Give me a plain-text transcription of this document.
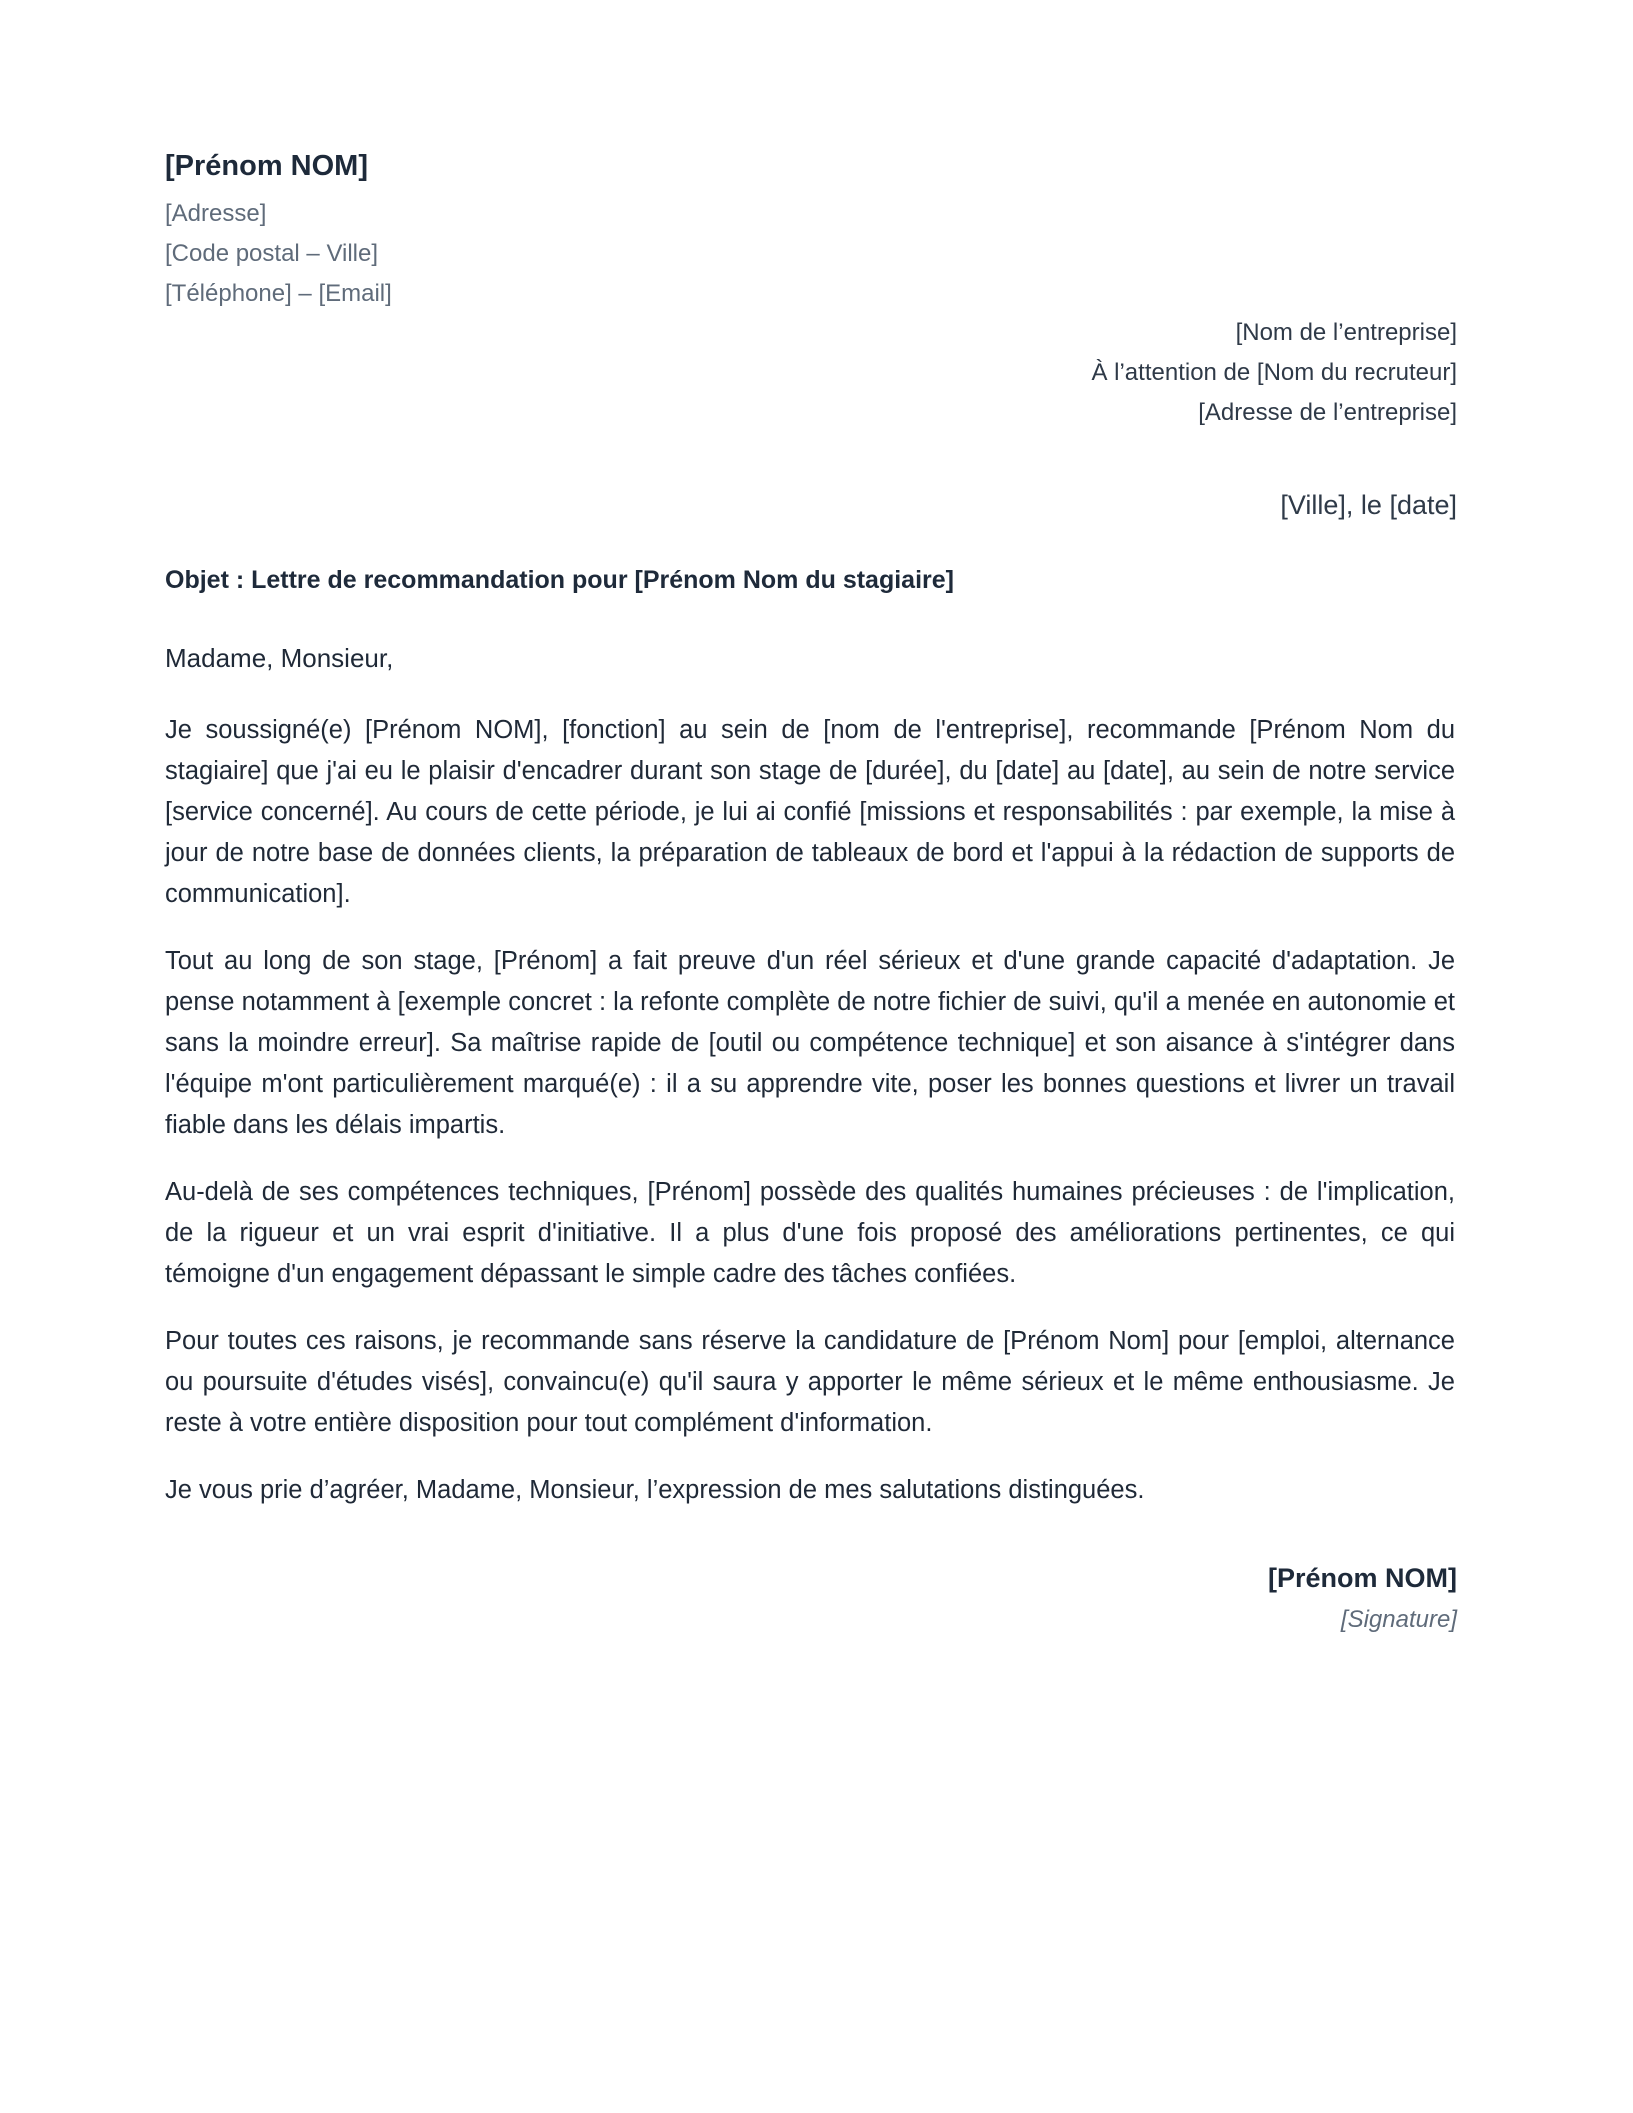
[Prénom NOM]
[Adresse]
[Code postal – Ville]
[Téléphone] – [Email]
[Nom de l’entreprise]
À l’attention de [Nom du recruteur]
[Adresse de l’entreprise]
[Ville], le [date]
Objet : Lettre de recommandation pour [Prénom Nom du stagiaire]
Madame, Monsieur,

Je soussigné(e) [Prénom NOM], [fonction] au sein de [nom de l'entreprise], recommande [Prénom Nom du stagiaire] que j'ai eu le plaisir d'encadrer durant son stage de [durée], du [date] au [date], au sein de notre service [service concerné]. Au cours de cette période, je lui ai confié [missions et responsabilités : par exemple, la mise à jour de notre base de données clients, la préparation de tableaux de bord et l'appui à la rédaction de supports de communication].

Tout au long de son stage, [Prénom] a fait preuve d'un réel sérieux et d'une grande capacité d'adaptation. Je pense notamment à [exemple concret : la refonte complète de notre fichier de suivi, qu'il a menée en autonomie et sans la moindre erreur]. Sa maîtrise rapide de [outil ou compétence technique] et son aisance à s'intégrer dans l'équipe m'ont particulièrement marqué(e) : il a su apprendre vite, poser les bonnes questions et livrer un travail fiable dans les délais impartis.

Au-delà de ses compétences techniques, [Prénom] possède des qualités humaines précieuses : de l'implication, de la rigueur et un vrai esprit d'initiative. Il a plus d'une fois proposé des améliorations pertinentes, ce qui témoigne d'un engagement dépassant le simple cadre des tâches confiées.

Pour toutes ces raisons, je recommande sans réserve la candidature de [Prénom Nom] pour [emploi, alternance ou poursuite d'études visés], convaincu(e) qu'il saura y apporter le même sérieux et le même enthousiasme. Je reste à votre entière disposition pour tout complément d'information.

Je vous prie d’agréer, Madame, Monsieur, l’expression de mes salutations distinguées.

[Prénom NOM]
[Signature]
